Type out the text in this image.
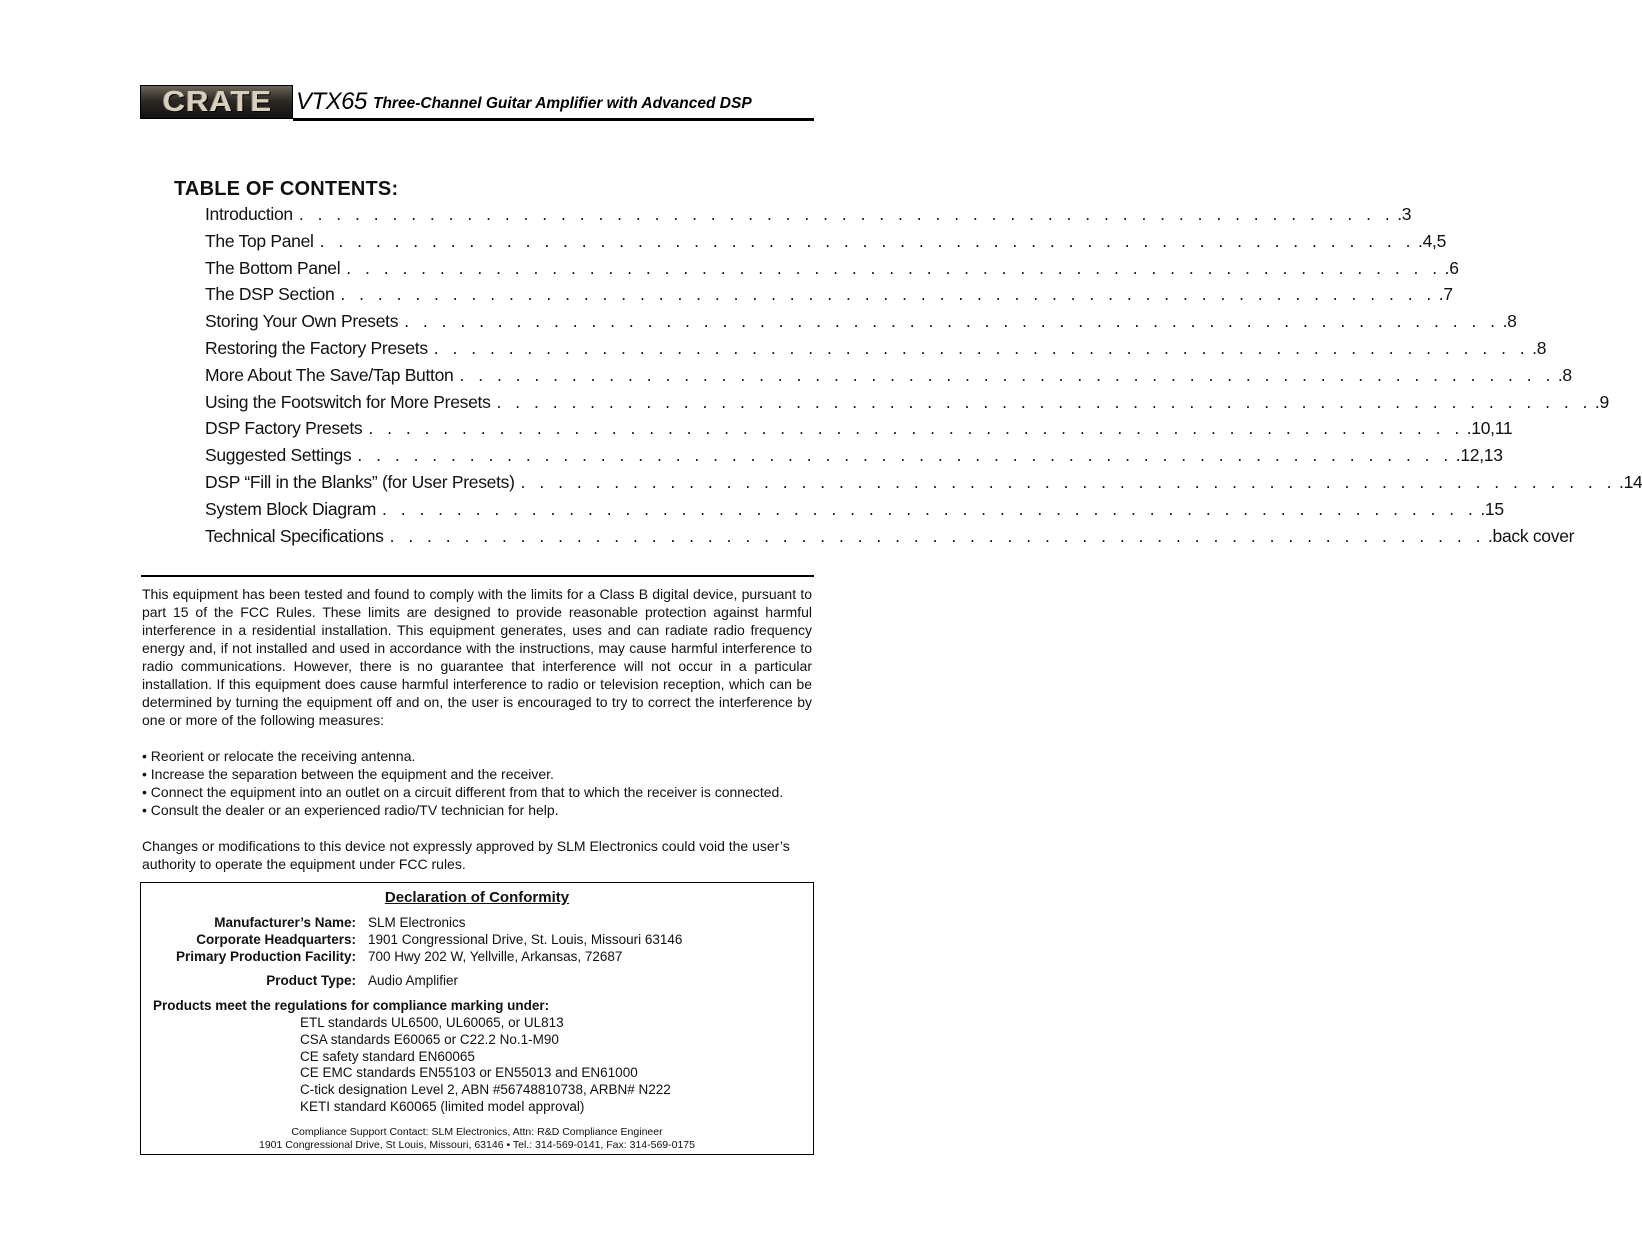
CRATE VTX65 Three-Channel Guitar Amplifier with Advanced DSP
TABLE OF CONTENTS:
Introduction . . . . . . . . . . . . . . . . . . . . . . . . . . . . . . . . . . . . . . . . . . . . . . . . . . . . . . . . . . . .3
The Top Panel . . . . . . . . . . . . . . . . . . . . . . . . . . . . . . . . . . . . . . . . . . . . . . . . . . . . . . . . . . . .4,5
The Bottom Panel . . . . . . . . . . . . . . . . . . . . . . . . . . . . . . . . . . . . . . . . . . . . . . . . . . . . . . . . . . . .6
The DSP Section . . . . . . . . . . . . . . . . . . . . . . . . . . . . . . . . . . . . . . . . . . . . . . . . . . . . . . . . . . . .7
Storing Your Own Presets . . . . . . . . . . . . . . . . . . . . . . . . . . . . . . . . . . . . . . . . . . . . . . . . . . . . . . . . . . . .8
Restoring the Factory Presets . . . . . . . . . . . . . . . . . . . . . . . . . . . . . . . . . . . . . . . . . . . . . . . . . . . . . . . . . . . .8
More About The Save/Tap Button . . . . . . . . . . . . . . . . . . . . . . . . . . . . . . . . . . . . . . . . . . . . . . . . . . . . . . . . . . . .8
Using the Footswitch for More Presets . . . . . . . . . . . . . . . . . . . . . . . . . . . . . . . . . . . . . . . . . . . . . . . . . . . . . . . . . . . .9
DSP Factory Presets . . . . . . . . . . . . . . . . . . . . . . . . . . . . . . . . . . . . . . . . . . . . . . . . . . . . . . . . . . . .10,11
Suggested Settings . . . . . . . . . . . . . . . . . . . . . . . . . . . . . . . . . . . . . . . . . . . . . . . . . . . . . . . . . . . .12,13
DSP “Fill in the Blanks” (for User Presets) . . . . . . . . . . . . . . . . . . . . . . . . . . . . . . . . . . . . . . . . . . . . . . . . . . . . . . . . . . . .14
System Block Diagram . . . . . . . . . . . . . . . . . . . . . . . . . . . . . . . . . . . . . . . . . . . . . . . . . . . . . . . . . . . .15
Technical Specifications . . . . . . . . . . . . . . . . . . . . . . . . . . . . . . . . . . . . . . . . . . . . . . . . . . . . . . . . . . . .back cover

This equipment has been tested and found to comply with the limits for a Class B digital device, pursuant to part 15 of the FCC Rules. These limits are designed to provide reasonable protection against harmful interference in a residential installation. This equipment generates, uses and can radiate radio frequency energy and, if not installed and used in accordance with the instructions, may cause harmful interference to radio communications. However, there is no guarantee that interference will not occur in a particular installation. If this equipment does cause harmful interference to radio or television reception, which can be determined by turning the equipment off and on, the user is encouraged to try to correct the interference by one or more of the following measures:

• Reorient or relocate the receiving antenna.
• Increase the separation between the equipment and the receiver.
• Connect the equipment into an outlet on a circuit different from that to which the receiver is connected.
• Consult the dealer or an experienced radio/TV technician for help.

Changes or modifications to this device not expressly approved by SLM Electronics could void the user’s authority to operate the equipment under FCC rules.

Declaration of Conformity
Manufacturer’s Name: SLM Electronics
Corporate Headquarters: 1901 Congressional Drive, St. Louis, Missouri 63146
Primary Production Facility: 700 Hwy 202 W, Yellville, Arkansas, 72687
Product Type: Audio Amplifier
Products meet the regulations for compliance marking under:
ETL standards UL6500, UL60065, or UL813
CSA standards E60065 or C22.2 No.1-M90
CE safety standard EN60065
CE EMC standards EN55103 or EN55013 and EN61000
C-tick designation Level 2, ABN #56748810738, ARBN# N222
KETI standard K60065 (limited model approval)
Compliance Support Contact: SLM Electronics, Attn: R&D Compliance Engineer
1901 Congressional Drive, St Louis, Missouri, 63146 • Tel.: 314-569-0141, Fax: 314-569-0175
